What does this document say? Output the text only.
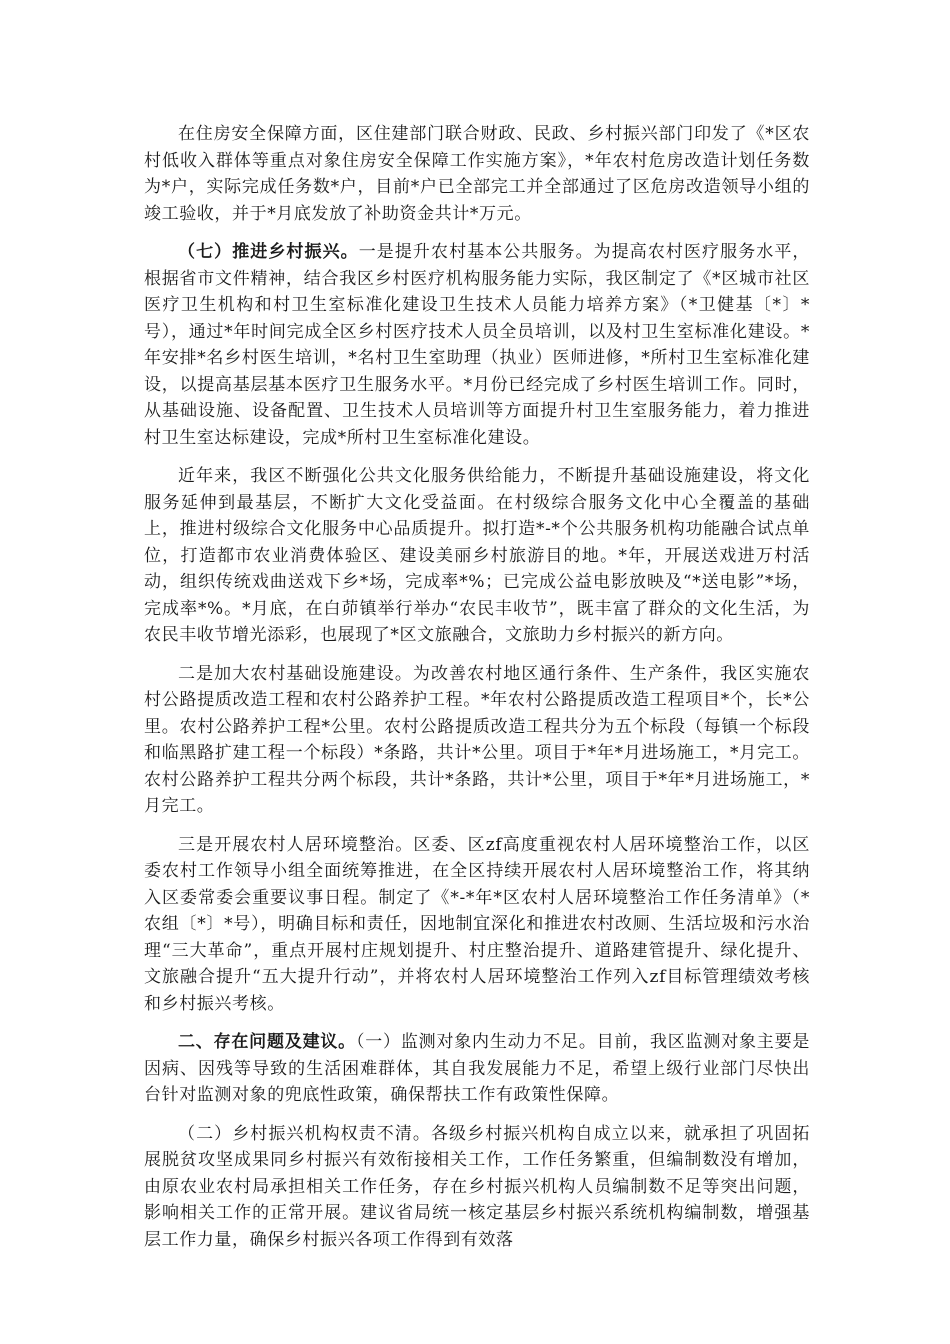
在住房安全保障方面，区住建部门联合财政、民政、乡村振兴部门印发了《*区农村低收入群体等重点对象住房安全保障工作实施方案》，*年农村危房改造计划任务数为*户，实际完成任务数*户，目前*户已全部完工并全部通过了区危房改造领导小组的竣工验收，并于*月底发放了补助资金共计*万元。

（七）推进乡村振兴。一是提升农村基本公共服务。为提高农村医疗服务水平，根据省市文件精神，结合我区乡村医疗机构服务能力实际，我区制定了《*区城市社区医疗卫生机构和村卫生室标准化建设卫生技术人员能力培养方案》（*卫健基〔*〕*号），通过*年时间完成全区乡村医疗技术人员全员培训，以及村卫生室标准化建设。*年安排*名乡村医生培训，*名村卫生室助理（执业）医师进修，*所村卫生室标准化建设，以提高基层基本医疗卫生服务水平。*月份已经完成了乡村医生培训工作。同时，从基础设施、设备配置、卫生技术人员培训等方面提升村卫生室服务能力，着力推进村卫生室达标建设，完成*所村卫生室标准化建设。

近年来，我区不断强化公共文化服务供给能力，不断提升基础设施建设，将文化服务延伸到最基层，不断扩大文化受益面。在村级综合服务文化中心全覆盖的基础上，推进村级综合文化服务中心品质提升。拟打造*-*个公共服务机构功能融合试点单位，打造都市农业消费体验区、建设美丽乡村旅游目的地。*年，开展送戏进万村活动，组织传统戏曲送戏下乡*场，完成率*%；已完成公益电影放映及“*送电影”*场，完成率*%。*月底，在白茆镇举行举办“农民丰收节”，既丰富了群众的文化生活，为农民丰收节增光添彩，也展现了*区文旅融合，文旅助力乡村振兴的新方向。

二是加大农村基础设施建设。为改善农村地区通行条件、生产条件，我区实施农村公路提质改造工程和农村公路养护工程。*年农村公路提质改造工程项目*个，长*公里。农村公路养护工程*公里。农村公路提质改造工程共分为五个标段（每镇一个标段和临黑路扩建工程一个标段）*条路，共计*公里。项目于*年*月进场施工，*月完工。农村公路养护工程共分两个标段，共计*条路，共计*公里，项目于*年*月进场施工，*月完工。

三是开展农村人居环境整治。区委、区zf高度重视农村人居环境整治工作，以区委农村工作领导小组全面统筹推进，在全区持续开展农村人居环境整治工作，将其纳入区委常委会重要议事日程。制定了《*-*年*区农村人居环境整治工作任务清单》（*农组〔*〕*号），明确目标和责任，因地制宜深化和推进农村改厕、生活垃圾和污水治理“三大革命”，重点开展村庄规划提升、村庄整治提升、道路建管提升、绿化提升、文旅融合提升“五大提升行动”，并将农村人居环境整治工作列入zf目标管理绩效考核和乡村振兴考核。

二、存在问题及建议。（一）监测对象内生动力不足。目前，我区监测对象主要是因病、因残等导致的生活困难群体，其自我发展能力不足，希望上级行业部门尽快出台针对监测对象的兜底性政策，确保帮扶工作有政策性保障。

（二）乡村振兴机构权责不清。各级乡村振兴机构自成立以来，就承担了巩固拓展脱贫攻坚成果同乡村振兴有效衔接相关工作，工作任务繁重，但编制数没有增加，由原农业农村局承担相关工作任务，存在乡村振兴机构人员编制数不足等突出问题，影响相关工作的正常开展。建议省局统一核定基层乡村振兴系统机构编制数，增强基层工作力量，确保乡村振兴各项工作得到有效落
